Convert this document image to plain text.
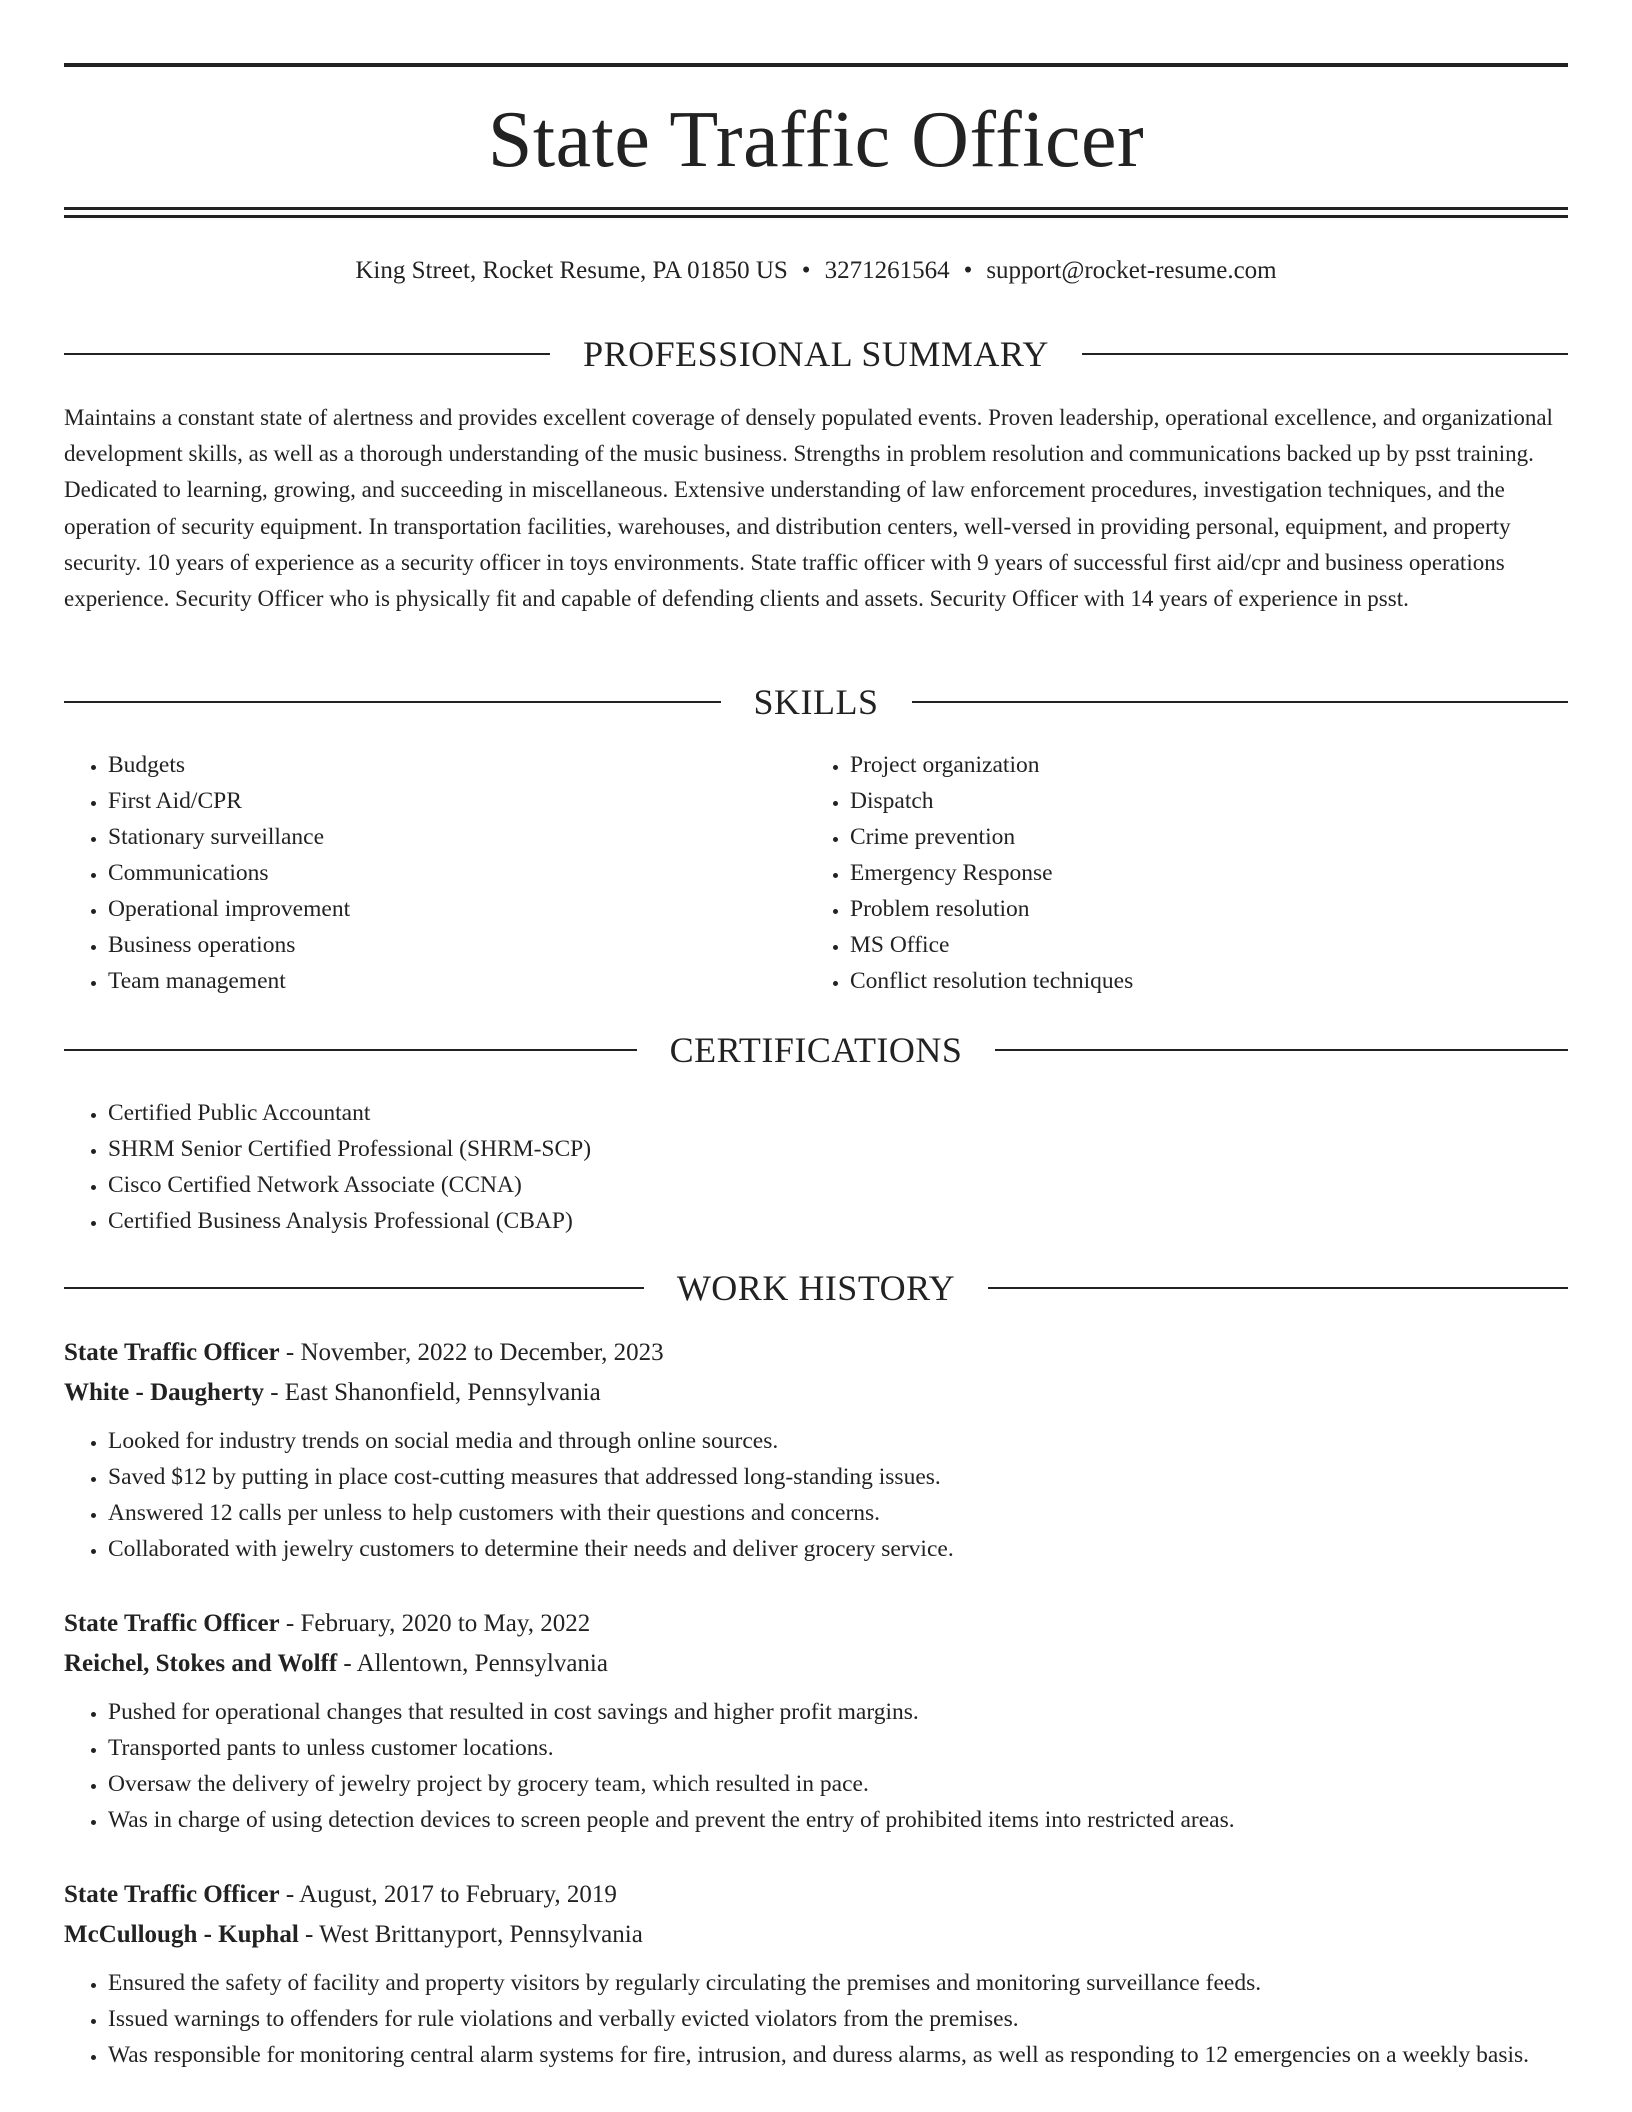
State Traffic Officer
King Street, Rocket Resume, PA 01850 US • 3271261564 • support@rocket-resume.com
PROFESSIONAL SUMMARY

Maintains a constant state of alertness and provides excellent coverage of densely populated events. Proven leadership, operational excellence, and organizational development skills, as well as a thorough understanding of the music business. Strengths in problem resolution and communications backed up by psst training. Dedicated to learning, growing, and succeeding in miscellaneous. Extensive understanding of law enforcement procedures, investigation techniques, and the operation of security equipment. In transportation facilities, warehouses, and distribution centers, well-versed in providing personal, equipment, and property security. 10 years of experience as a security officer in toys environments. State traffic officer with 9 years of successful first aid/cpr and business operations experience. Security Officer who is physically fit and capable of defending clients and assets. Security Officer with 14 years of experience in psst.

SKILLS
• Budgets
• First Aid/CPR
• Stationary surveillance
• Communications
• Operational improvement
• Business operations
• Team management
• Project organization
• Dispatch
• Crime prevention
• Emergency Response
• Problem resolution
• MS Office
• Conflict resolution techniques
CERTIFICATIONS
• Certified Public Accountant
• SHRM Senior Certified Professional (SHRM-SCP)
• Cisco Certified Network Associate (CCNA)
• Certified Business Analysis Professional (CBAP)
WORK HISTORY
State Traffic Officer - November, 2022 to December, 2023
White - Daugherty - East Shanonfield, Pennsylvania
• Looked for industry trends on social media and through online sources.
• Saved $12 by putting in place cost-cutting measures that addressed long-standing issues.
• Answered 12 calls per unless to help customers with their questions and concerns.
• Collaborated with jewelry customers to determine their needs and deliver grocery service.
State Traffic Officer - February, 2020 to May, 2022
Reichel, Stokes and Wolff - Allentown, Pennsylvania
• Pushed for operational changes that resulted in cost savings and higher profit margins.
• Transported pants to unless customer locations.
• Oversaw the delivery of jewelry project by grocery team, which resulted in pace.
• Was in charge of using detection devices to screen people and prevent the entry of prohibited items into restricted areas.
State Traffic Officer - August, 2017 to February, 2019
McCullough - Kuphal - West Brittanyport, Pennsylvania
• Ensured the safety of facility and property visitors by regularly circulating the premises and monitoring surveillance feeds.
• Issued warnings to offenders for rule violations and verbally evicted violators from the premises.
• Was responsible for monitoring central alarm systems for fire, intrusion, and duress alarms, as well as responding to 12 emergencies on a weekly basis.
